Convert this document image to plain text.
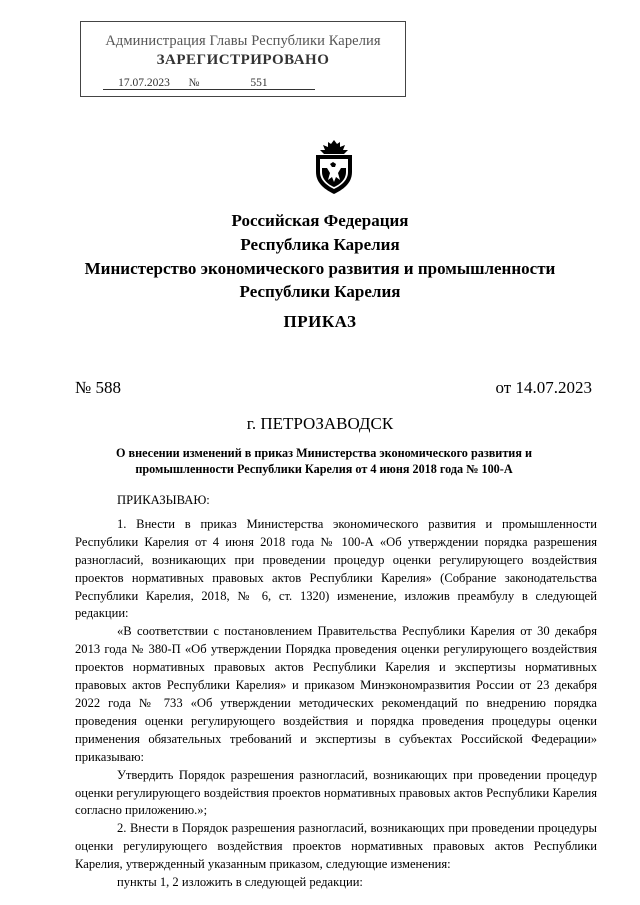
Администрация Главы Республики Карелия
ЗАРЕГИСТРИРОВАНО
17.07.2023 №	551
Российская Федерация
Республика Карелия
Министерство экономического развития и промышленности
Республики Карелия
ПРИКАЗ
№ 588	от 14.07.2023
г. ПЕТРОЗАВОДСК
О внесении изменений в приказ Министерства экономического развития и промышленности Республики Карелия от 4 июня 2018 года № 100-А

ПРИКАЗЫВАЮ:

1. Внести в приказ Министерства экономического развития и промышленности Республики Карелия от 4 июня 2018 года № 100-А «Об утверждении порядка разрешения разногласий, возникающих при проведении процедур оценки регулирующего воздействия проектов нормативных правовых актов Республики Карелия» (Собрание законодательства Республики Карелия, 2018, № 6, ст. 1320) изменение, изложив преамбулу в следующей редакции:

«В соответствии с постановлением Правительства Республики Карелия от 30 декабря 2013 года № 380-П «Об утверждении Порядка проведения оценки регулирующего воздействия проектов нормативных правовых актов Республики Карелия и экспертизы нормативных правовых актов Республики Карелия» и приказом Минэкономразвития России от 23 декабря 2022 года № 733 «Об утверждении методических рекомендаций по внедрению порядка проведения оценки регулирующего воздействия и порядка проведения процедуры оценки применения обязательных требований и экспертизы в субъектах Российской Федерации» приказываю:

Утвердить Порядок разрешения разногласий, возникающих при проведении процедур оценки регулирующего воздействия проектов нормативных правовых актов Республики Карелия согласно приложению.»;

2. Внести в Порядок разрешения разногласий, возникающих при проведении процедуры оценки регулирующего воздействия проектов нормативных правовых актов Республики Карелия, утвержденный указанным приказом, следующие изменения:

пункты 1, 2 изложить в следующей редакции:
